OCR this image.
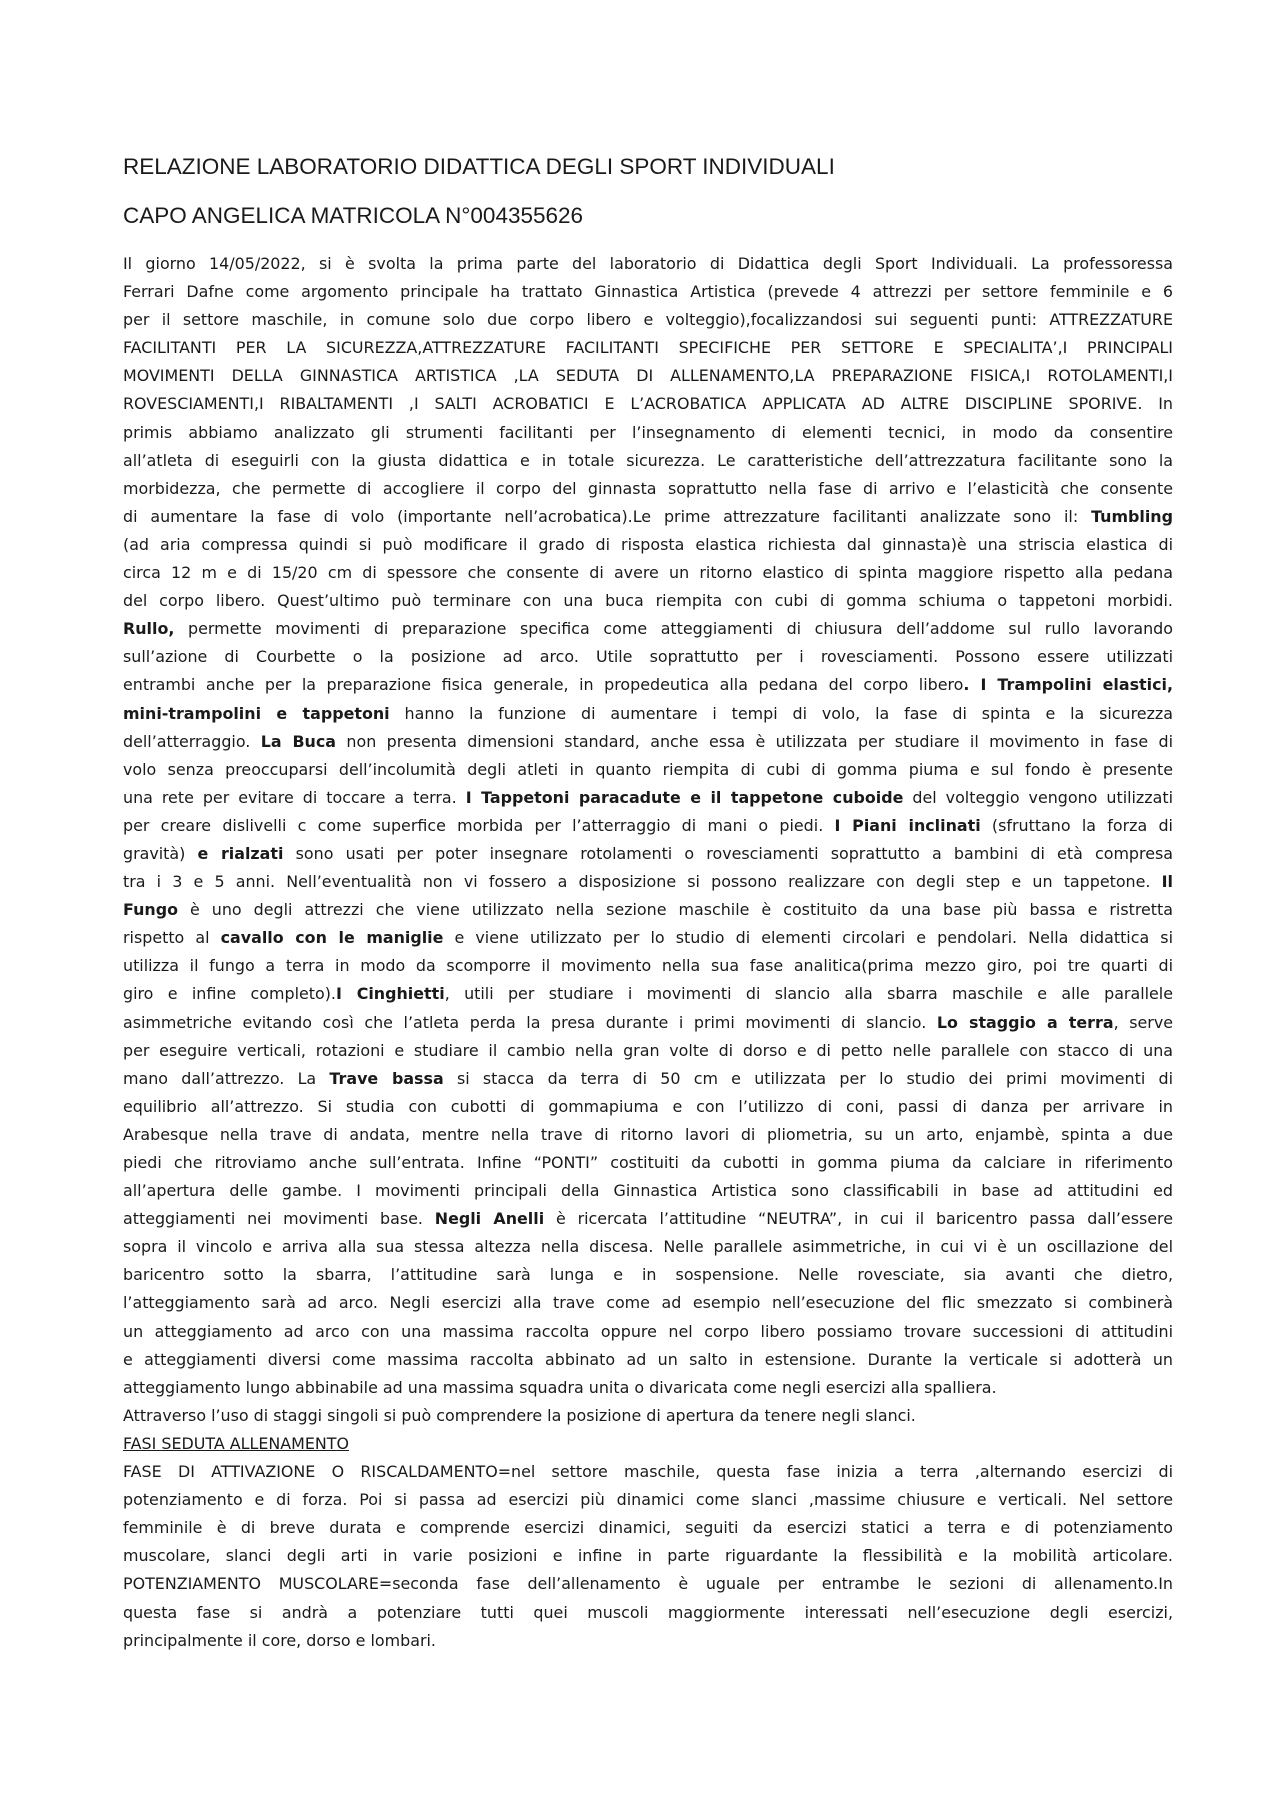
RELAZIONE LABORATORIO DIDATTICA DEGLI SPORT INDIVIDUALI
CAPO ANGELICA MATRICOLA N°004355626
Il giorno 14/05/2022, si è svolta la prima parte del laboratorio di Didattica degli Sport Individuali. La professoressa
Ferrari Dafne come argomento principale ha trattato Ginnastica Artistica (prevede 4 attrezzi per settore femminile e 6
per il settore maschile, in comune solo due corpo libero e volteggio),focalizzandosi sui seguenti punti: ATTREZZATURE
FACILITANTI PER LA SICUREZZA,ATTREZZATURE FACILITANTI SPECIFICHE PER SETTORE E SPECIALITA’,I PRINCIPALI
MOVIMENTI DELLA GINNASTICA ARTISTICA ,LA SEDUTA DI ALLENAMENTO,LA PREPARAZIONE FISICA,I ROTOLAMENTI,I
ROVESCIAMENTI,I RIBALTAMENTI ,I SALTI ACROBATICI E L’ACROBATICA APPLICATA AD ALTRE DISCIPLINE SPORIVE. In
primis abbiamo analizzato gli strumenti facilitanti per l’insegnamento di elementi tecnici, in modo da consentire
all’atleta di eseguirli con la giusta didattica e in totale sicurezza. Le caratteristiche dell’attrezzatura facilitante sono la
morbidezza, che permette di accogliere il corpo del ginnasta soprattutto nella fase di arrivo e l’elasticità che consente
di aumentare la fase di volo (importante nell’acrobatica).Le prime attrezzature facilitanti analizzate sono il: Tumbling
(ad aria compressa quindi si può modificare il grado di risposta elastica richiesta dal ginnasta)è una striscia elastica di
circa 12 m e di 15/20 cm di spessore che consente di avere un ritorno elastico di spinta maggiore rispetto alla pedana
del corpo libero. Quest’ultimo può terminare con una buca riempita con cubi di gomma schiuma o tappetoni morbidi.
Rullo, permette movimenti di preparazione specifica come atteggiamenti di chiusura dell’addome sul rullo lavorando
sull’azione di Courbette o la posizione ad arco. Utile soprattutto per i rovesciamenti. Possono essere utilizzati
entrambi anche per la preparazione fisica generale, in propedeutica alla pedana del corpo libero. I Trampolini elastici,
mini-trampolini e tappetoni hanno la funzione di aumentare i tempi di volo, la fase di spinta e la sicurezza
dell’atterraggio. La Buca non presenta dimensioni standard, anche essa è utilizzata per studiare il movimento in fase di
volo senza preoccuparsi dell’incolumità degli atleti in quanto riempita di cubi di gomma piuma e sul fondo è presente
una rete per evitare di toccare a terra. I Tappetoni paracadute e il tappetone cuboide del volteggio vengono utilizzati
per creare dislivelli c come superfice morbida per l’atterraggio di mani o piedi. I Piani inclinati (sfruttano la forza di
gravità) e rialzati sono usati per poter insegnare rotolamenti o rovesciamenti soprattutto a bambini di età compresa
tra i 3 e 5 anni. Nell’eventualità non vi fossero a disposizione si possono realizzare con degli step e un tappetone. Il
Fungo è uno degli attrezzi che viene utilizzato nella sezione maschile è costituito da una base più bassa e ristretta
rispetto al cavallo con le maniglie e viene utilizzato per lo studio di elementi circolari e pendolari. Nella didattica si
utilizza il fungo a terra in modo da scomporre il movimento nella sua fase analitica(prima mezzo giro, poi tre quarti di
giro e infine completo).I Cinghietti, utili per studiare i movimenti di slancio alla sbarra maschile e alle parallele
asimmetriche evitando così che l’atleta perda la presa durante i primi movimenti di slancio. Lo staggio a terra, serve
per eseguire verticali, rotazioni e studiare il cambio nella gran volte di dorso e di petto nelle parallele con stacco di una
mano dall’attrezzo. La Trave bassa si stacca da terra di 50 cm e utilizzata per lo studio dei primi movimenti di
equilibrio all’attrezzo. Si studia con cubotti di gommapiuma e con l’utilizzo di coni, passi di danza per arrivare in
Arabesque nella trave di andata, mentre nella trave di ritorno lavori di pliometria, su un arto, enjambè, spinta a due
piedi che ritroviamo anche sull’entrata. Infine “PONTI” costituiti da cubotti in gomma piuma da calciare in riferimento
all’apertura delle gambe. I movimenti principali della Ginnastica Artistica sono classificabili in base ad attitudini ed
atteggiamenti nei movimenti base. Negli Anelli è ricercata l’attitudine “NEUTRA”, in cui il baricentro passa dall’essere
sopra il vincolo e arriva alla sua stessa altezza nella discesa. Nelle parallele asimmetriche, in cui vi è un oscillazione del
baricentro sotto la sbarra, l’attitudine sarà lunga e in sospensione. Nelle rovesciate, sia avanti che dietro,
l’atteggiamento sarà ad arco. Negli esercizi alla trave come ad esempio nell’esecuzione del flic smezzato si combinerà
un atteggiamento ad arco con una massima raccolta oppure nel corpo libero possiamo trovare successioni di attitudini
e atteggiamenti diversi come massima raccolta abbinato ad un salto in estensione. Durante la verticale si adotterà un
atteggiamento lungo abbinabile ad una massima squadra unita o divaricata come negli esercizi alla spalliera.
Attraverso l’uso di staggi singoli si può comprendere la posizione di apertura da tenere negli slanci.
FASI SEDUTA ALLENAMENTO
FASE DI ATTIVAZIONE O RISCALDAMENTO=nel settore maschile, questa fase inizia a terra ,alternando esercizi di
potenziamento e di forza. Poi si passa ad esercizi più dinamici come slanci ,massime chiusure e verticali. Nel settore
femminile è di breve durata e comprende esercizi dinamici, seguiti da esercizi statici a terra e di potenziamento
muscolare, slanci degli arti in varie posizioni e infine in parte riguardante la flessibilità e la mobilità articolare.
POTENZIAMENTO MUSCOLARE=seconda fase dell’allenamento è uguale per entrambe le sezioni di allenamento.In
questa fase si andrà a potenziare tutti quei muscoli maggiormente interessati nell’esecuzione degli esercizi,
principalmente il core, dorso e lombari.
